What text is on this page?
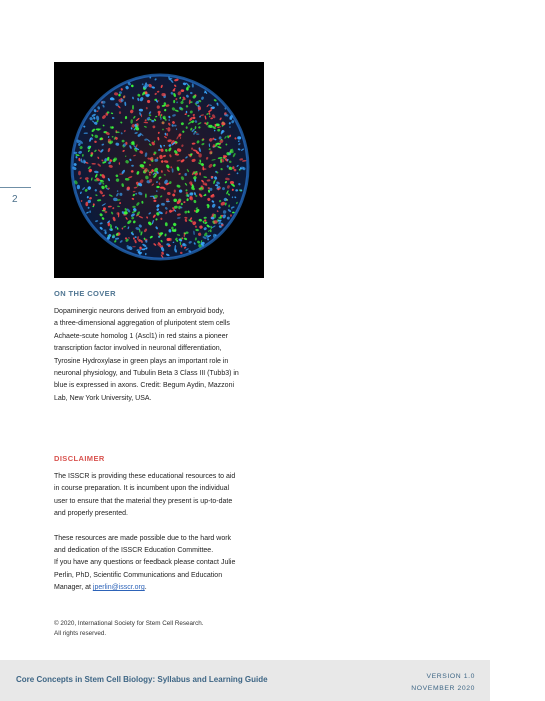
2
ON THE COVER

Dopaminergic neurons derived from an embryoid body,
a three-dimensional aggregation of pluripotent stem cells
Achaete-scute homolog 1 (Ascl1) in red stains a pioneer
transcription factor involved in neuronal differentiation,
Tyrosine Hydroxylase in green plays an important role in
neuronal physiology, and Tubulin Beta 3 Class III (Tubb3) in
blue is expressed in axons. Credit: Begum Aydin, Mazzoni
Lab, New York University, USA.

DISCLAIMER

The ISSCR is providing these educational resources to aid
in course preparation. It is incumbent upon the individual
user to ensure that the material they present is up-to-date
and properly presented.

These resources are made possible due to the hard work
and dedication of the ISSCR Education Committee.
If you have any questions or feedback please contact Julie
Perlin, PhD, Scientific Communications and Education
Manager, at jperlin@isscr.org.

© 2020, International Society for Stem Cell Research.
All rights reserved.
Core Concepts in Stem Cell Biology: Syllabus and Learning Guide	VERSION 1.0
NOVEMBER 2020
